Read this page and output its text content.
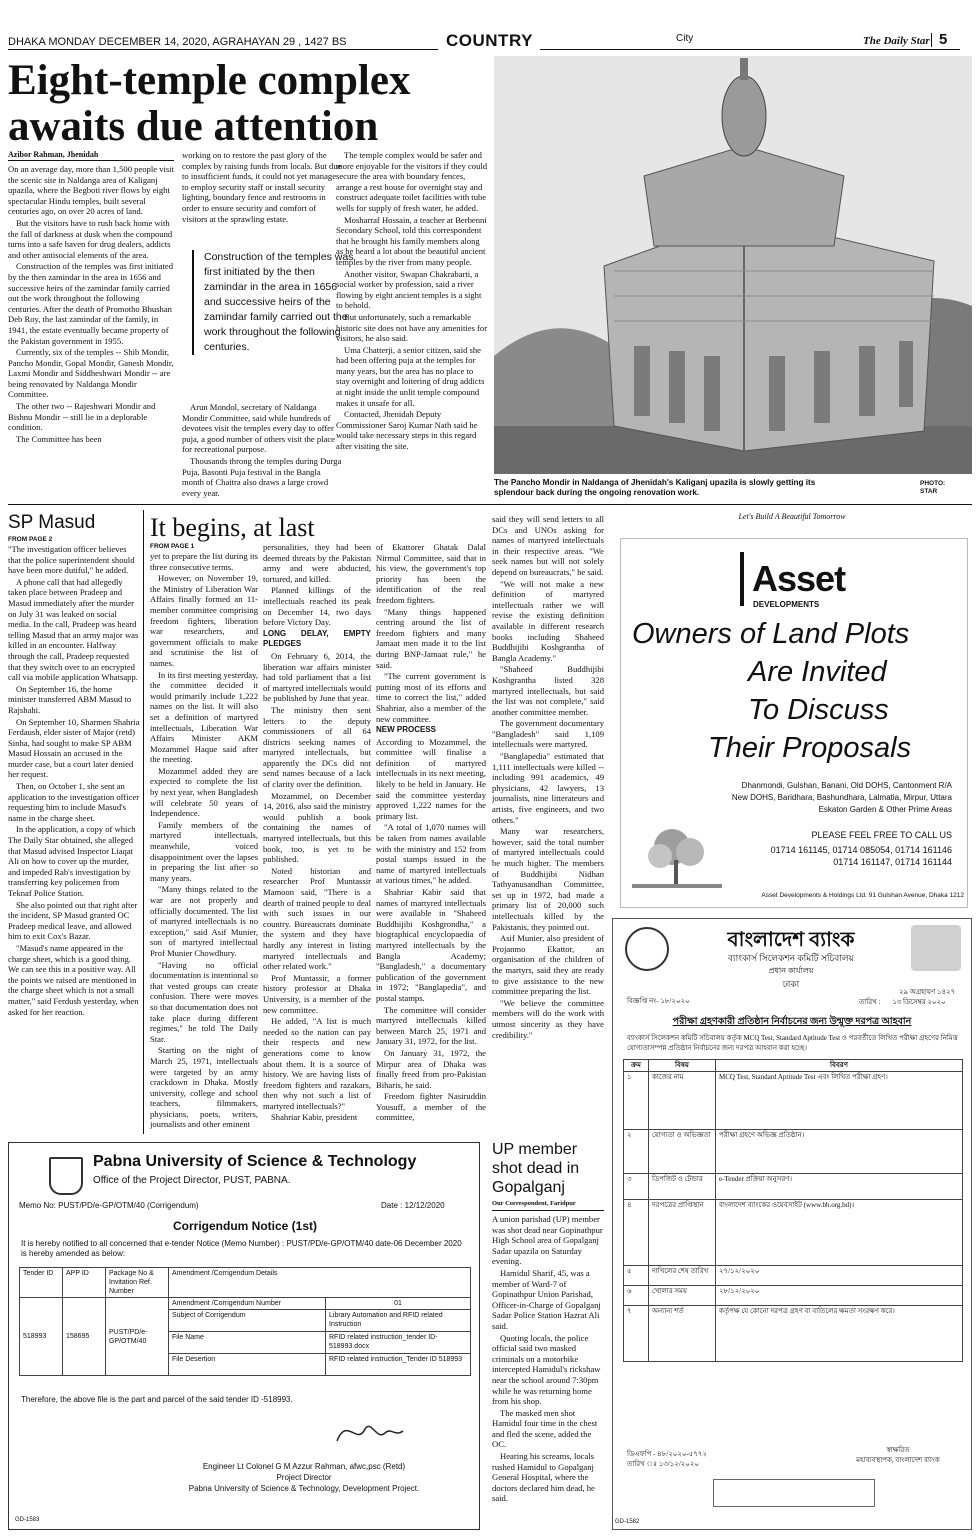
DHAKA MONDAY DECEMBER 14, 2020, AGRAHAYAN 29 , 1427 BS	COUNTRY	City	The Daily Star 5
Eight-temple complex
awaits due attention
Azibor Rahman, Jhenidah

On an average day, more than 1,500 people visit the scenic site in Naldanga area of Kaliganj upazila, where the Begboti river flows by eight spectacular Hindu temples, built several centuries ago, on over 20 acres of land.

But the visitors have to rush back home with the fall of darkness at dusk when the compound turns into a safe haven for drug dealers, addicts and other antisocial elements of the area.

Construction of the temples was first initiated by the then zamindar in the area in 1656 and successive heirs of the zamindar family carried out the work throughout the following centuries. After the death of Promotho Bhushan Deb Roy, the last zamindar of the family, in 1941, the estate eventually became property of the Pakistan government in 1955.

Currently, six of the temples -- Shib Mondir, Pancho Mondir, Gopal Mondir, Ganesh Mondir, Laxmi Mondir and Siddheshwari Mondir -- are being renovated by Naldanga Mondir Committee.

The other two -- Rajeshwari Mondir and Bishnu Mondir -- still lie in a deplorable condition.

The Committee has been

working on to restore the past glory of the complex by raising funds from locals. But due to insufficient funds, it could not yet manage to employ security staff or install security lighting, boundary fence and restrooms in order to ensure security and comfort of visitors at the sprawling estate.

Construction of the temples was first initiated by the then zamindar in the area in 1656 and successive heirs of the zamindar family carried out the work throughout the following centuries.

Arun Mondol, secretary of Naldanga Mondir Committee, said while hundreds of devotees visit the temples every day to offer puja, a good number of others visit the place for recreational purpose.

Thousands throng the temples during Durga Puja, Basonti Puja festival in the Bangla month of Chaitra also draws a large crowd every year.

The temple complex would be safer and more enjoyable for the visitors if they could secure the area with boundary fences, arrange a rest house for overnight stay and construct adequate toilet facilities with tube wells for supply of fresh water, he added.

Mosharraf Hossain, a teacher at Berbenni Secondary School, told this correspondent that he brought his family members along as he heard a lot about the beautiful ancient temples by the river from many people.

Another visitor, Swapan Chakrabarti, a social worker by profession, said a river flowing by eight ancient temples is a sight to behold.

But unfortunately, such a remarkable historic site does not have any amenities for visitors, he also said.

Uma Chatterji, a senior citizen, said she had been offering puja at the temples for many years, but the area has no place to stay overnight and loitering of drug addicts at night inside the unlit temple compound makes it unsafe for all.

Contacted, Jhenidah Deputy Commissioner Saroj Kumar Nath said he would take necessary steps in this regard after visiting the site.

The Pancho Mondir in Naldanga of Jhenidah's Kaliganj upazila is slowly getting its splendour back during the ongoing renovation work.
PHOTO:
STAR
SP Masud
FROM PAGE 2

"The investigation officer believes that the police superintendent should have been more dutiful," he added.

A phone call that had allegedly taken place between Pradeep and Masud immediately after the murder on July 31 was leaked on social media. In the call, Pradeep was heard telling Masud that an army major was killed in an encounter. Halfway through the call, Pradeep requested that they switch over to an encrypted call via mobile application Whatsapp.

On September 16, the home minister transferred ABM Masud to Rajshahi.

On September 10, Sharmen Shahria Ferdaush, elder sister of Major (retd) Sinha, had sought to make SP ABM Masud Hossain an accused in the murder case, but a court later denied her request.

Then, on October 1, she sent an application to the investigation officer requesting him to include Masud's name in the charge sheet.

In the application, a copy of which The Daily Star obtained, she alleged that Masud advised Inspector Liaqat Ali on how to cover up the murder, and impeded Rab's investigation by transferring key policemen from Teknaf Police Station.

She also pointed out that right after the incident, SP Masud granted OC Pradeep medical leave, and allowed him to exit Cox's Bazar.

"Masud's name appeared in the charge sheet, which is a good thing. We can see this in a positive way. All the points we raised are mentioned in the charge sheet which is not a small matter," said Ferdush yesterday, when asked for her reaction.

It begins, at last
FROM PAGE 1

yet to prepare the list during its three consecutive terms.

However, on November 19, the Ministry of Liberation War Affairs finally formed an 11-member committee comprising freedom fighters, liberation war researchers, and government officials to make and scrutinise the list of names.

In its first meeting yesterday, the committee decided it would primarily include 1,222 names on the list. It will also set a definition of martyred intellectuals, Liberation War Affairs Minister AKM Mozammel Haque said after the meeting.

Mozammel added they are expected to complete the list by next year, when Bangladesh will celebrate 50 years of Independence.

Family members of the martyred intellectuals, meanwhile, voiced disappointment over the lapses in preparing the list after so many years.

"Many things related to the war are not properly and officially documented. The list of martyred intellectuals is no exception," said Asif Munier, son of martyred intellectual Prof Munier Chowdhury.

"Having no official documentation is intentional so that vested groups can create confusion. There were moves so that documentation does not take place during different regimes," he told The Daily Star.

Starting on the night of March 25, 1971, intellectuals were targeted by an army crackdown in Dhaka. Mostly university, college and school teachers, filmmakers, physicians, poets, writers, journalists and other eminent

personalities, they had been deemed threats by the Pakistan army and were abducted, tortured, and killed.

Planned killings of the intellectuals reached its peak on December 14, two days before Victory Day.

LONG DELAY, EMPTY PLEDGES

On February 6, 2014, the liberation war affairs minister had told parliament that a list of martyred intellectuals would be published by June that year.

The ministry then sent letters to the deputy commissioners of all 64 districts seeking names of martyred intellectuals, but apparently the DCs did not send names because of a lack of clarity over the definition.

Mozammel, on December 14, 2016, also said the ministry would publish a book containing the names of martyred intellectuals, but this book, too, is yet to be published.

Noted historian and researcher Prof Muntassir Mamoon said, "There is a dearth of trained people to deal with such issues in our country. Bureaucrats dominate the system and they have hardly any interest in listing martyred intellectuals and other related work."

Prof Muntassir, a former history professor at Dhaka University, is a member of the new committee.

He added, "A list is much needed so the nation can pay their respects and new generations come to know about them. It is a source of history. We are having lists of freedom fighters and razakars, then why not such a list of martyred intellectuals?"

Shahriar Kabir, president

of Ekattorer Ghatak Dalal Nirmul Committee, said that in his view, the government's top priority has been the identification of the real freedom fighters.

"Many things happened centring around the list of freedom fighters and many Jamaat men made it to the list during BNP-Jamaat rule," he said.

"The current government is putting most of its efforts and time to correct the list," added Shahriar, also a member of the new committee.

NEW PROCESS

According to Mozammel, the committee will finalise a definition of martyred intellectuals in its next meeting, likely to be held in January. He said the committee yesterday approved 1,222 names for the primary list.

"A total of 1,070 names will be taken from names available with the ministry and 152 from postal stamps issued in the name of martyred intellectuals at various times," he added.

Shahriar Kabir said that names of martyred intellectuals were available in "Shaheed Buddhijibi Koshgrondha," a biographical encyclopaedia of martyred intellectuals by the Bangla Academy; "Bangladesh," a documentary publication of the government in 1972; "Banglapedia", and postal stamps.

The committee will consider martyred intellectuals killed between March 25, 1971 and January 31, 1972, for the list.

On January 31, 1972, the Mirpur area of Dhaka was finally freed from pro-Pakistan Biharis, he said.

Freedom fighter Nasiruddin Yousuff, a member of the committee,

said they will send letters to all DCs and UNOs asking for names of martyred intellectuals in their respective areas. "We seek names but will not solely depend on bureaucrats," he said.

"We will not make a new definition of martyred intellectuals rather we will revise the existing definition available in different research books including Shaheed Buddhijibi Koshgrantha of Bangla Academy."

"Shaheed Buddhijibi Koshgrantha listed 328 martyred intellectuals, but said the list was not complete," said another committee member.

The government documentary "Bangladesh" said 1,109 intellectuals were martyred.

"Banglapedia" estimated that 1,111 intellectuals were killed -- including 991 academics, 49 physicians, 42 lawyers, 13 journalists, nine litterateurs and artists, five engineers, and two others."

Many war researchers, however, said the total number of martyred intellectuals could be much higher. The members of Buddhijibi Nidhan Tathyanusandhan Committee, set up in 1972, had made a primary list of 20,000 such intellectuals killed by the Pakistanis, they pointed out.

Asif Munier, also president of Projanmo Ekattor, an organisation of the children of the martyrs, said they are ready to give assistance to the new committee preparing the list.

"We believe the committee members will do the work with utmost sincerity as they have credibility."

Let's Build A Beautiful Tomorrow
Asset
DEVELOPMENTS
Owners of Land Plots
Are Invited
To Discuss
Their Proposals
Dhanmondi, Gulshan, Banani, Old DOHS, Cantonment R/A
New DOHS, Baridhara, Bashundhara, Lalmatia, Mirpur, Uttara
Eskaton Garden & Other Prime Areas
PLEASE FEEL FREE TO CALL US
01714 161145, 01714 085054, 01714 161146
01714 161147, 01714 161144
Asset Developments & Holdings Ltd. 91 Gulshan Avenue, Dhaka 1212
বাংলাদেশ ব্যাংক
ব্যাংকার্স সিলেকশন কমিটি সচিবালয়
প্রধান কার্যালয়
ঢাকা
বিজ্ঞপ্তি নং- ১৮/২০২০
২৯ অগ্রহায়ণ ১৪২৭
তারিখ : ১৩ ডিসেম্বর ২০২০
পরীক্ষা গ্রহণকারী প্রতিষ্ঠান নির্বাচনের জন্য উন্মুক্ত দরপত্র আহবান
ব্যাংকার্স সিলেকশন কমিটি সচিবালয় কর্তৃক MCQ Test, Standard Aptitude Test ও পরবর্তীতে লিখিত পরীক্ষা গ্রহণের নিমিত্ত যোগ্যতাসম্পন্ন প্রতিষ্ঠান নির্বাচনের জন্য দরপত্র আহবান করা হচ্ছে।
ক্রম	বিষয়	বিবরণ
১	কাজের নাম	MCQ Test, Standard Aptitude Test এবং লিখিত পরীক্ষা গ্রহণ।
২	যোগ্যতা ও অভিজ্ঞতা	পরীক্ষা গ্রহণে অভিজ্ঞ প্রতিষ্ঠান।
৩	ডিপজিট ও টেন্ডার	e-Tender প্রক্রিয়া অনুসরণ।
৪	দরপত্রের প্রাপ্তিস্থান	বাংলাদেশ ব্যাংকের ওয়েবসাইট (www.bb.org.bd)।
৫	দাখিলের শেষ তারিখ	২৭/১২/২০২০
৬	খোলার সময়	২৮/১২/২০২০
৭	অন্যান্য শর্ত	কর্তৃপক্ষ যে কোনো দরপত্র গ্রহণ বা বাতিলের ক্ষমতা সংরক্ষণ করে।
স্বাক্ষরিত
মহাব্যবস্থাপক, বাংলাদেশ ব্যাংক
ডিএফপি - ৪৮/২০২০-৫৭৭২
তারিখ ঃ ১৩/১২/২০২০
GD-1582
Pabna University of Science & Technology
Office of the Project Director, PUST, PABNA.
Memo No: PUST/PD/e-GP/OTM/40 (Corrigendum)	Date : 12/12/2020
Corrigendum Notice (1st)
It is hereby notified to all concerned that e-tender Notice (Memo Number) : PUST/PD/e-GP/OTM/40 date-06 December 2020 is hereby amended as below:
Tender ID	APP ID	Package No & Invitation Ref. Number	Amendment /Corrigendum Details	
518993	158695	PUST/PD/e-GP/OTM/40	Amendment /Corrigendum Number	01
			Subject of Corrigendum	Library Automation and RFID related Instruction
			File Name	RFID related instruction_tender ID-518993.docx
			File Desertion	RFID related instruction_Tender ID 518993
Therefore, the above file is the part and parcel of the said tender ID -518993.
Engineer Lt Colonel G M Azzur Rahman, afwc,psc (Retd)
Project Director
Pabna University of Science & Technology, Development Project.
GD-1583
UP member shot dead in Gopalganj
Our Correspondent, Faridpur

A union parishad (UP) member was shot dead near Gopinathpur High School area of Gopalganj Sadar upazila on Saturday evening.

Hamidul Sharif, 45, was a member of Ward-7 of Gopinathpur Union Parishad, Officer-in-Charge of Gopalganj Sadar Police Station Hazrat Ali said.

Quoting locals, the police official said two masked criminals on a motorbike intercepted Hamidul's rickshaw near the school around 7:30pm while he was returning home from his shop.

The masked men shot Hamidul four time in the chest and fled the scene, added the OC.

Hearing his screams, locals rushed Hamidul to Gopalganj General Hospital, where the doctors declared him dead, he said.
